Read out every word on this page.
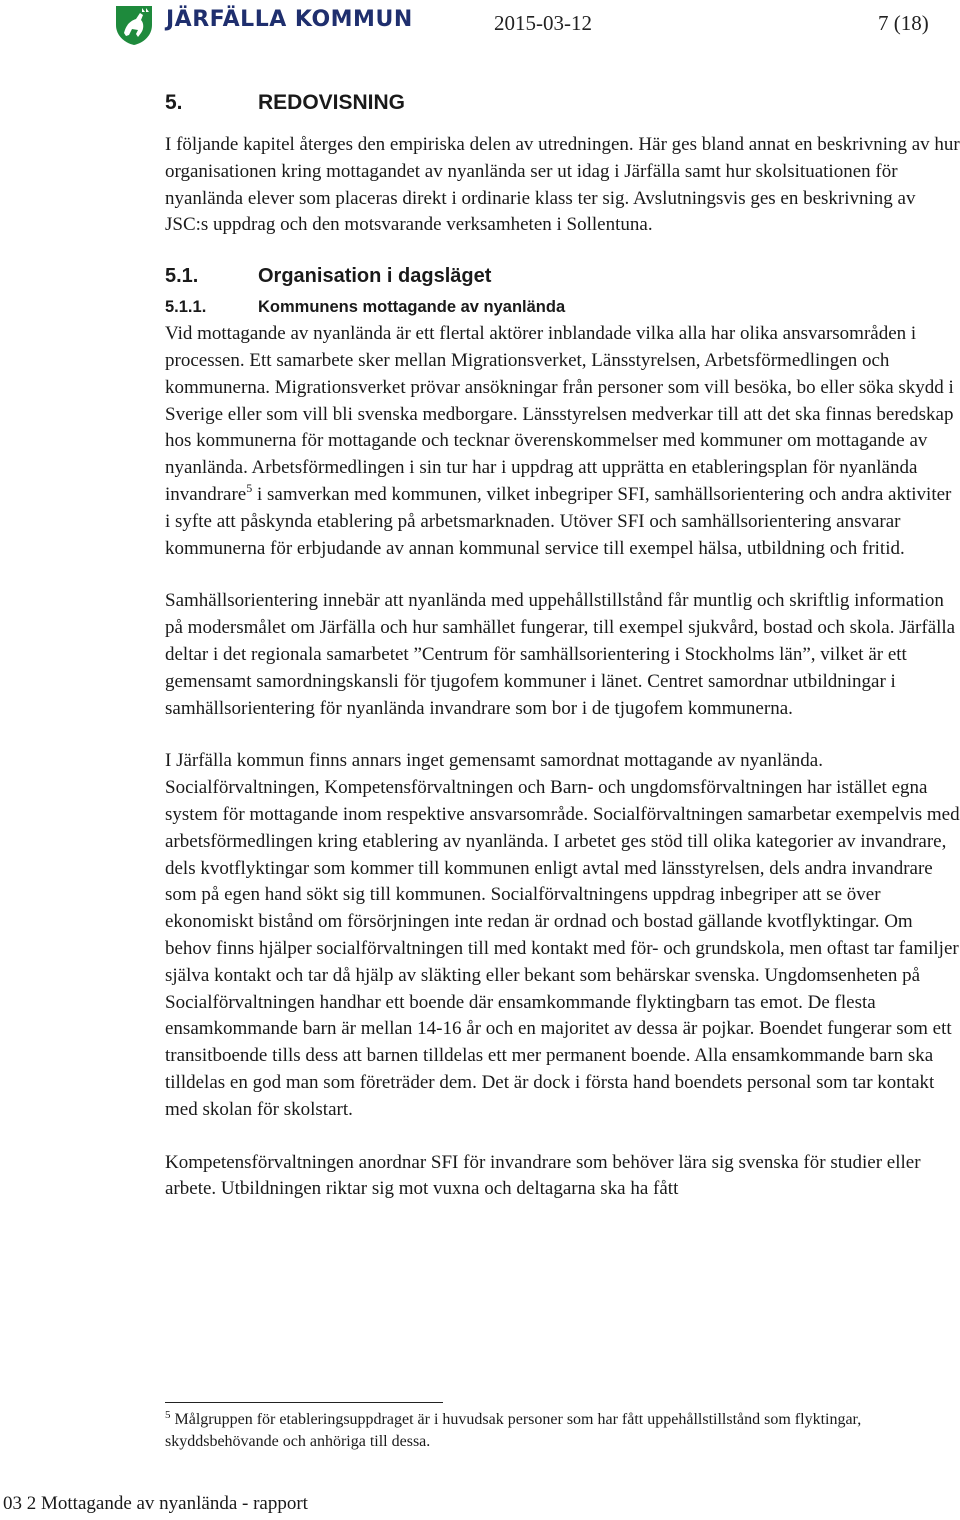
JÄRFÄLLA KOMMUN	2015-03-12	7 (18)
5.	REDOVISNING

I följande kapitel återges den empiriska delen av utredningen. Här ges bland annat en beskrivning av hur organisationen kring mottagandet av nyanlända ser ut idag i Järfälla samt hur skolsituationen för nyanlända elever som placeras direkt i ordinarie klass ter sig. Avslutningsvis ges en beskrivning av JSC:s uppdrag och den motsvarande verksamheten i Sollentuna.

5.1.	Organisation i dagsläget
5.1.1.	Kommunens mottagande av nyanlända

Vid mottagande av nyanlända är ett flertal aktörer inblandade vilka alla har olika ansvarsområden i processen. Ett samarbete sker mellan Migrationsverket, Länsstyrelsen, Arbetsförmedlingen och kommunerna. Migrationsverket prövar ansökningar från personer som vill besöka, bo eller söka skydd i Sverige eller som vill bli svenska medborgare. Länsstyrelsen medverkar till att det ska finnas beredskap hos kommunerna för mottagande och tecknar överenskommelser med kommuner om mottagande av nyanlända. Arbetsförmedlingen i sin tur har i uppdrag att upprätta en etableringsplan för nyanlända invandrare$^5$ i samverkan med kommunen, vilket inbegriper SFI, samhällsorientering och andra aktiviter i syfte att påskynda etablering på arbetsmarknaden. Utöver SFI och samhällsorientering ansvarar kommunerna för erbjudande av annan kommunal service till exempel hälsa, utbildning och fritid.

Samhällsorientering innebär att nyanlända med uppehållstillstånd får muntlig och skriftlig information på modersmålet om Järfälla och hur samhället fungerar, till exempel sjukvård, bostad och skola. Järfälla deltar i det regionala samarbetet ”Centrum för samhällsorientering i Stockholms län”, vilket är ett gemensamt samordningskansli för tjugofem kommuner i länet. Centret samordnar utbildningar i samhällsorientering för nyanlända invandrare som bor i de tjugofem kommunerna.

I Järfälla kommun finns annars inget gemensamt samordnat mottagande av nyanlända. Socialförvaltningen, Kompetensförvaltningen och Barn- och ungdomsförvaltningen har istället egna system för mottagande inom respektive ansvarsområde. Socialförvaltningen samarbetar exempelvis med arbetsförmedlingen kring etablering av nyanlända. I arbetet ges stöd till olika kategorier av invandrare, dels kvotflyktingar som kommer till kommunen enligt avtal med länsstyrelsen, dels andra invandrare som på egen hand sökt sig till kommunen. Socialförvaltningens uppdrag inbegriper att se över ekonomiskt bistånd om försörjningen inte redan är ordnad och bostad gällande kvotflyktingar. Om behov finns hjälper socialförvaltningen till med kontakt med för- och grundskola, men oftast tar familjer själva kontakt och tar då hjälp av släkting eller bekant som behärskar svenska. Ungdomsenheten på Socialförvaltningen handhar ett boende där ensamkommande flyktingbarn tas emot. De flesta ensamkommande barn är mellan 14-16 år och en majoritet av dessa är pojkar. Boendet fungerar som ett transitboende tills dess att barnen tilldelas ett mer permanent boende. Alla ensamkommande barn ska tilldelas en god man som företräder dem. Det är dock i första hand boendets personal som tar kontakt med skolan för skolstart.

Kompetensförvaltningen anordnar SFI för invandrare som behöver lära sig svenska för studier eller arbete. Utbildningen riktar sig mot vuxna och deltagarna ska ha fått

$^5$ Målgruppen för etableringsuppdraget är i huvudsak personer som har fått uppehållstillstånd som flyktingar, skyddsbehövande och anhöriga till dessa.

03 2 Mottagande av nyanlända - rapport
